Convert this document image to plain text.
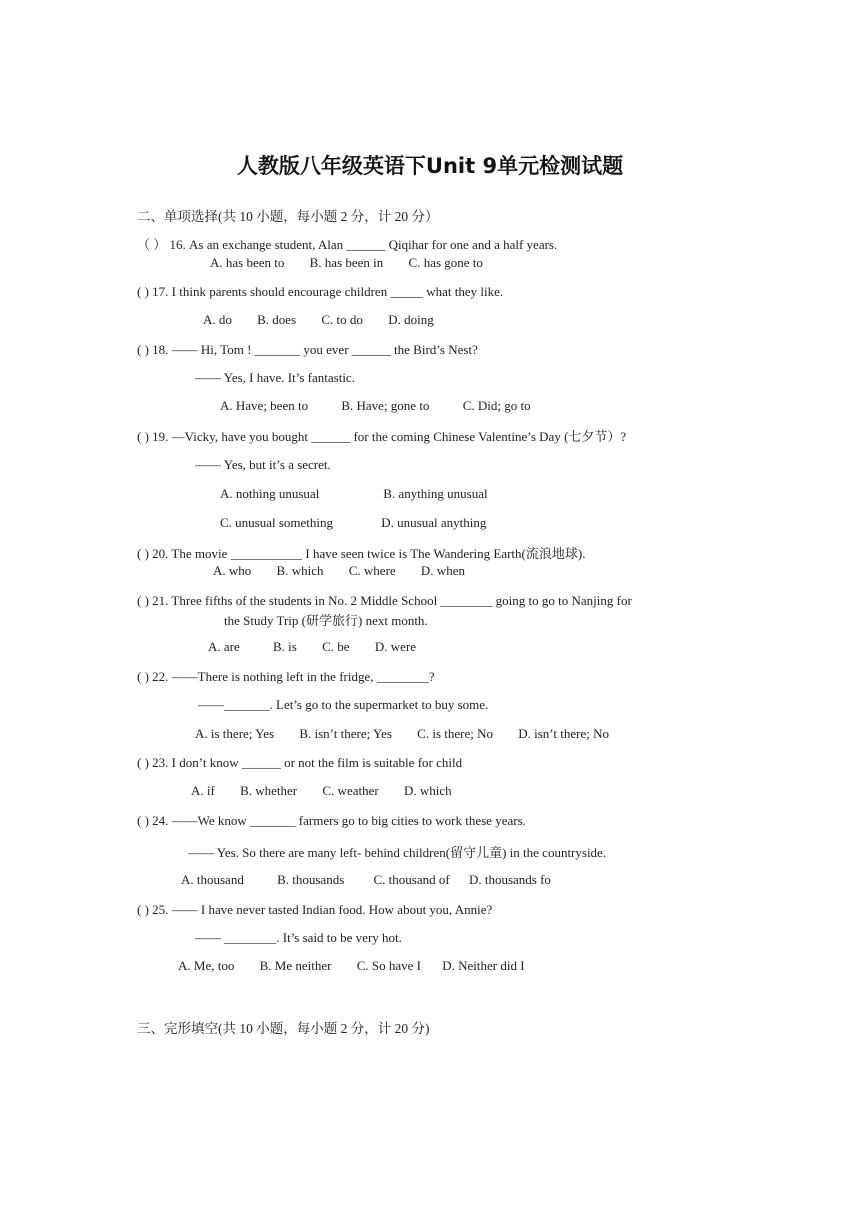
人教版八年级英语下Unit 9单元检测试题
二、单项选择(共 10 小题，每小题 2 分，计 20 分）
（ ） 16. As an exchange student, Alan ______ Qiqihar for one and a half years.
A. has been to B. has been in C. has gone to
( ) 17. I think parents should encourage children _____ what they like.
A. do B. does C. to do D. doing
( ) 18. —— Hi, Tom ! _______ you ever ______ the Bird’s Nest?
—— Yes, I have. It’s fantastic.
A. Have; been to	B. Have; gone to	C. Did; go to
( ) 19. —Vicky, have you bought ______ for the coming Chinese Valentine’s Day (七夕节）?
—— Yes, but it’s a secret.
A. nothing unusual	B. anything unusual
C. unusual something	D. unusual anything
( ) 20. The movie ___________ I have seen twice is The Wandering Earth(流浪地球).
A. who B. which C. where D. when
( ) 21. Three fifths of the students in No. 2 Middle School ________ going to go to Nanjing for
the Study Trip (研学旅行) next month.
A. are	B. is C. be D. were
( ) 22. ——There is nothing left in the fridge, ________?
——_______. Let’s go to the supermarket to buy some.
A. is there; Yes B. isn’t there; Yes C. is there; No D. isn’t there; No
( ) 23. I don’t know ______ or not the film is suitable for child
A. if B. whether C. weather D. which
( ) 24. ——We know _______ farmers go to big cities to work these years.
—— Yes. So there are many left- behind children(留守儿童) in the countryside.
A. thousand	B. thousands C. thousand of D. thousands fo
( ) 25. —— I have never tasted Indian food. How about you, Annie?
—— ________. It’s said to be very hot.
A. Me, too B. Me neither C. So have I D. Neither did I
三、完形填空(共 10 小题，每小题 2 分，计 20 分)
